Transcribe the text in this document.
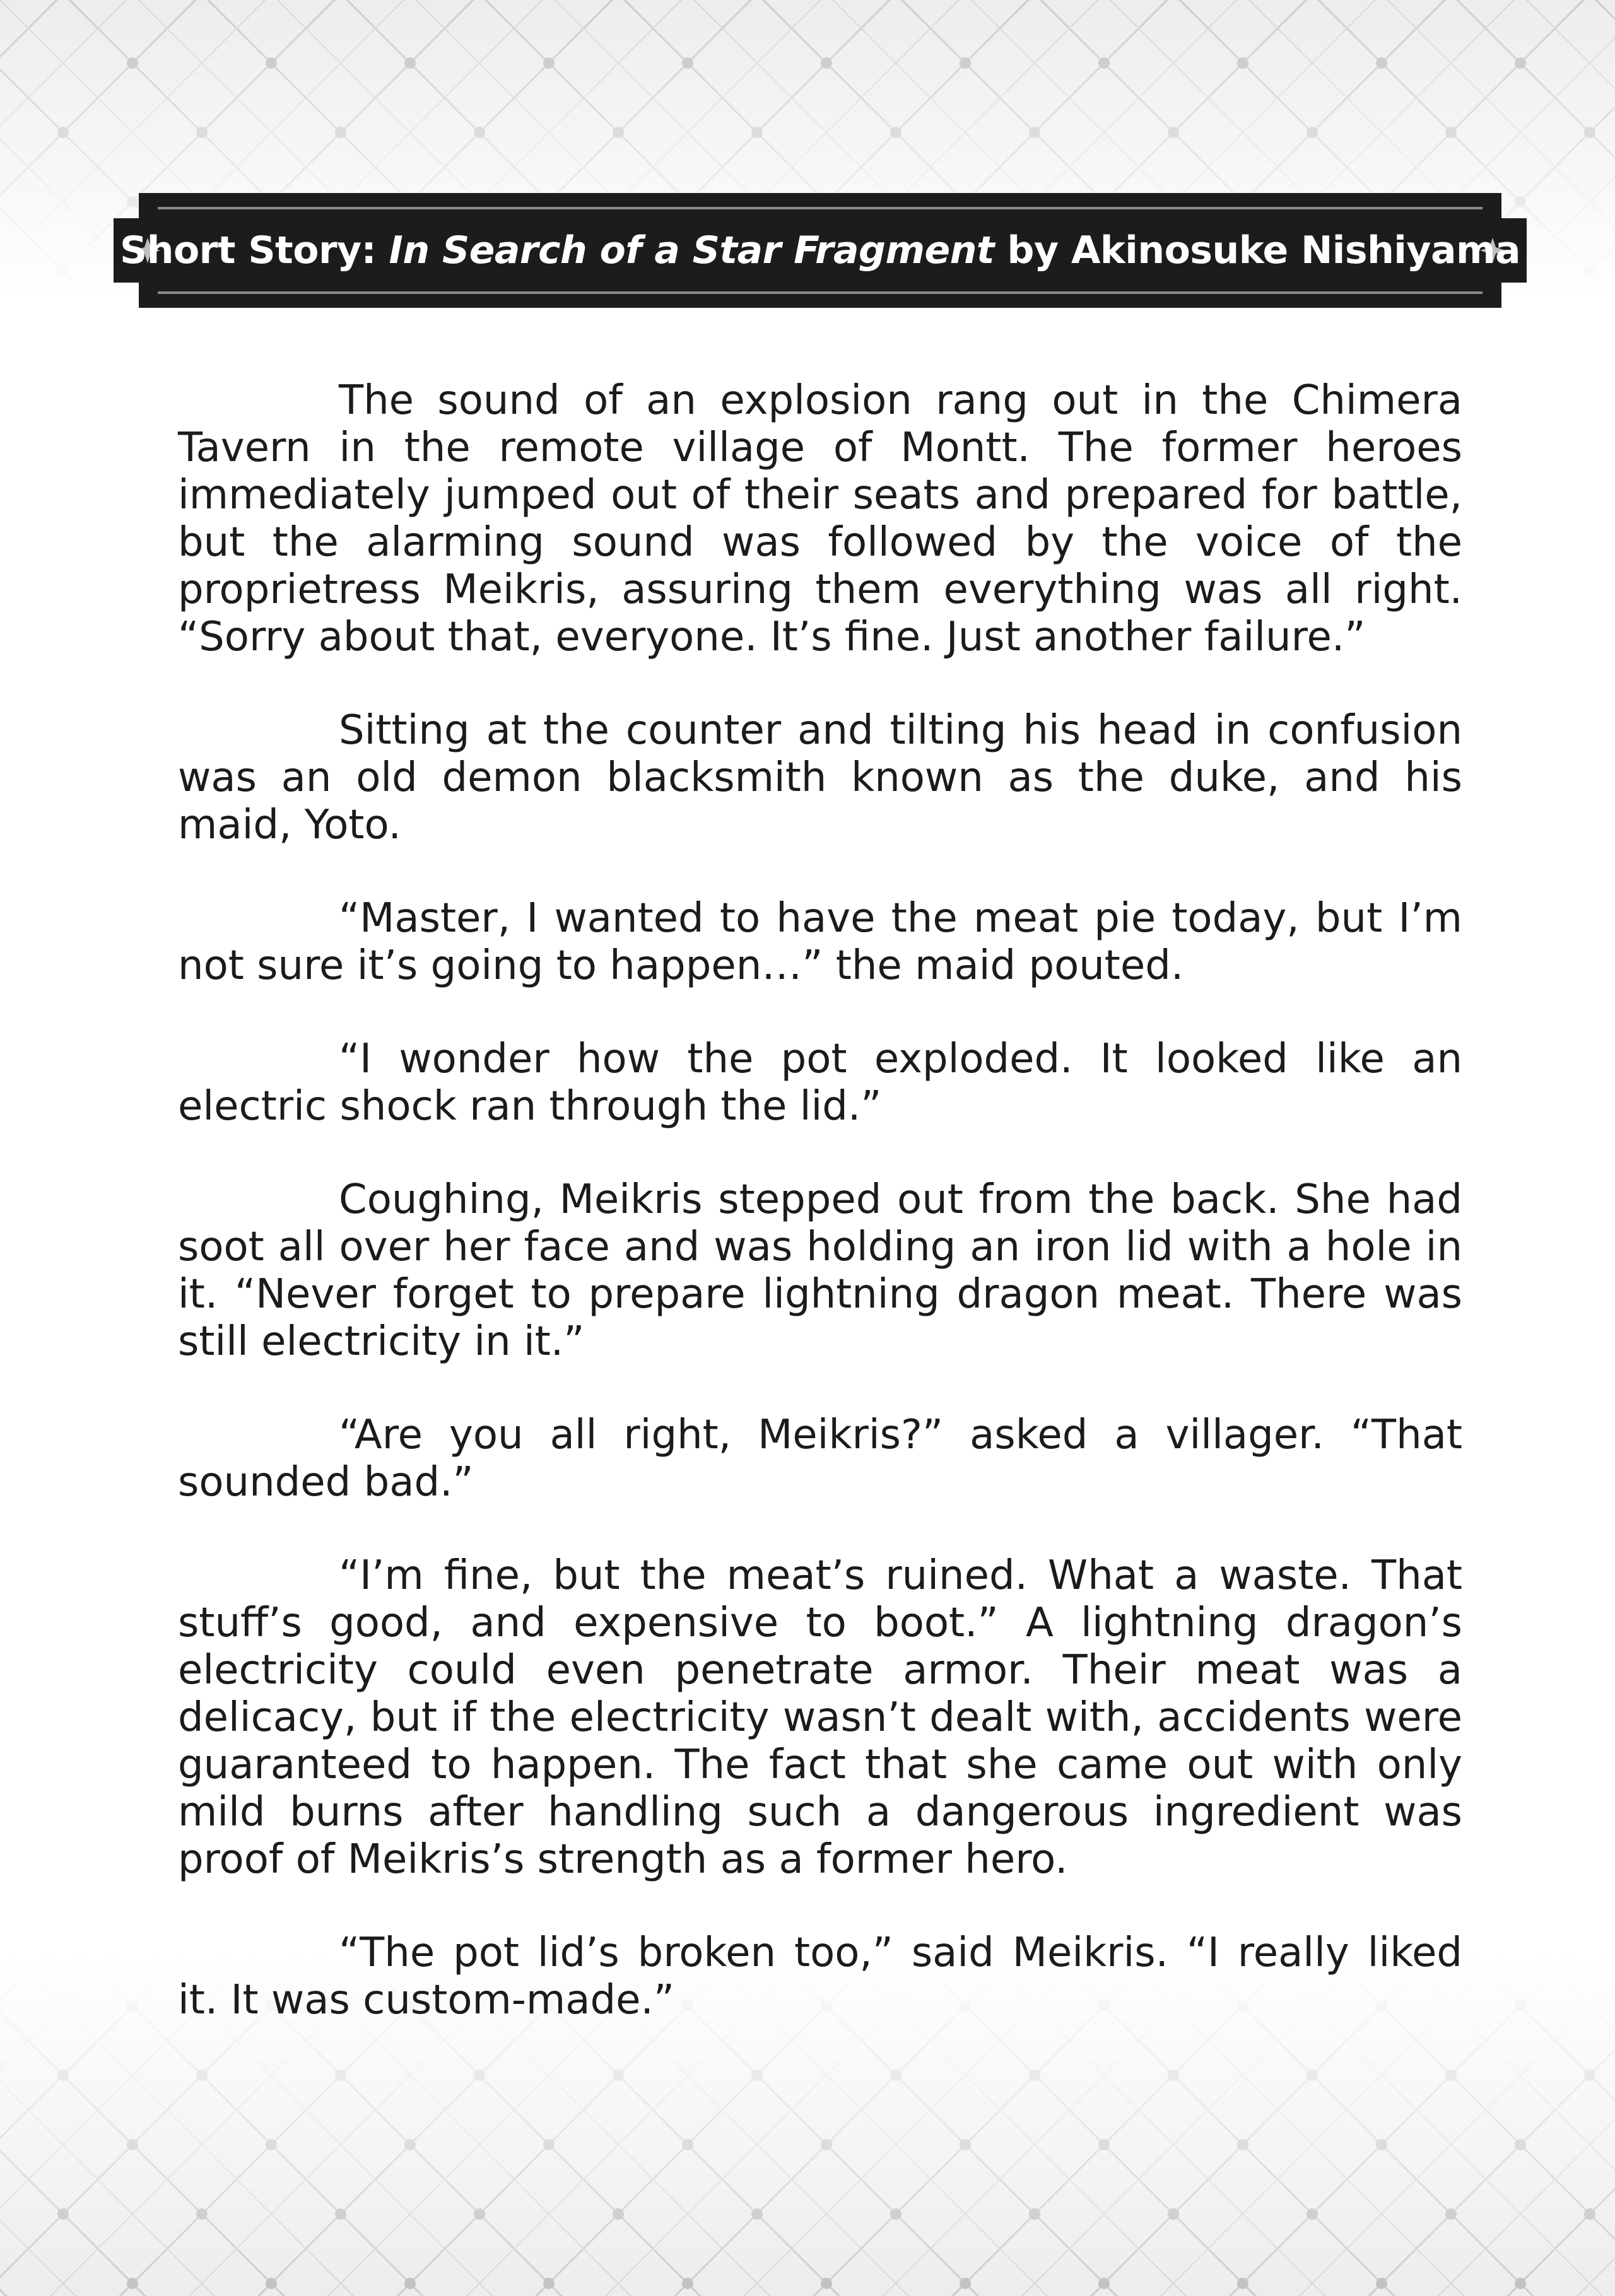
Short Story: In Search of a Star Fragment by Akinosuke Nishiyama

The sound of an explosion rang out in the Chimera Tavern in the remote village of Montt. The former heroes immediately jumped out of their seats and prepared for battle, but the alarming sound was followed by the voice of the proprietress Meikris, assuring them everything was all right. “Sorry about that, everyone. It’s fine. Just another failure.”

Sitting at the counter and tilting his head in confusion was an old demon blacksmith known as the duke, and his maid, Yoto.

“Master, I wanted to have the meat pie today, but I’m not sure it’s going to happen…” the maid pouted.

“I wonder how the pot exploded. It looked like an electric shock ran through the lid.”

Coughing, Meikris stepped out from the back. She had soot all over her face and was holding an iron lid with a hole in it. “Never forget to prepare lightning dragon meat. There was still electricity in it.”

“Are you all right, Meikris?” asked a villager. “That sounded bad.”

“I’m fine, but the meat’s ruined. What a waste. That stuff’s good, and expensive to boot.” A lightning dragon’s electricity could even penetrate armor. Their meat was a delicacy, but if the electricity wasn’t dealt with, accidents were guaranteed to happen. The fact that she came out with only mild burns after handling such a dangerous ingredient was proof of Meikris’s strength as a former hero.

“The pot lid’s broken too,” said Meikris. “I really liked it. It was custom-made.”
